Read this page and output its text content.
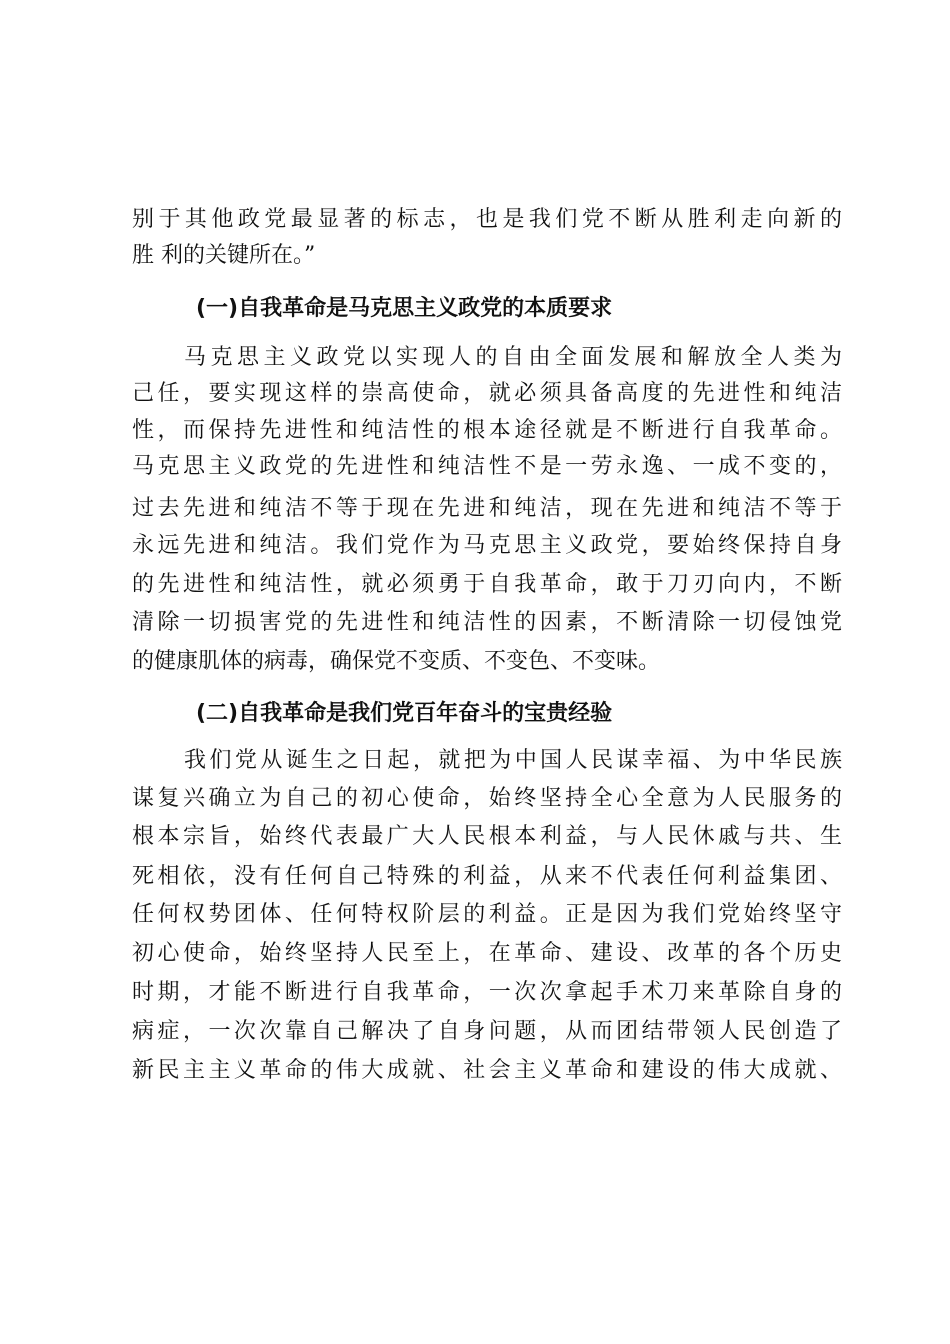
别于其他政党最显著的标志，也是我们党不断从胜利走向新的
胜 利的关键所在。”
(一)自我革命是马克思主义政党的本质要求
马克思主义政党以实现人的自由全面发展和解放全人类为
己任，要实现这样的崇高使命，就必须具备高度的先进性和纯洁
性，而保持先进性和纯洁性的根本途径就是不断进行自我革命。
马克思主义政党的先进性和纯洁性不是一劳永逸、一成不变的，
过去先进和纯洁不等于现在先进和纯洁，现在先进和纯洁不等于
永远先进和纯洁。我们党作为马克思主义政党，要始终保持自身
的先进性和纯洁性，就必须勇于自我革命，敢于刀刃向内，不断
清除一切损害党的先进性和纯洁性的因素，不断清除一切侵蚀党
的健康肌体的病毒，确保党不变质、不变色、不变味。
(二)自我革命是我们党百年奋斗的宝贵经验
我们党从诞生之日起，就把为中国人民谋幸福、为中华民族
谋复兴确立为自己的初心使命，始终坚持全心全意为人民服务的
根本宗旨，始终代表最广大人民根本利益，与人民休戚与共、生
死相依，没有任何自己特殊的利益，从来不代表任何利益集团、
任何权势团体、任何特权阶层的利益。正是因为我们党始终坚守
初心使命，始终坚持人民至上，在革命、建设、改革的各个历史
时期，才能不断进行自我革命，一次次拿起手术刀来革除自身的
病症，一次次靠自己解决了自身问题，从而团结带领人民创造了
新民主主义革命的伟大成就、社会主义革命和建设的伟大成就、
